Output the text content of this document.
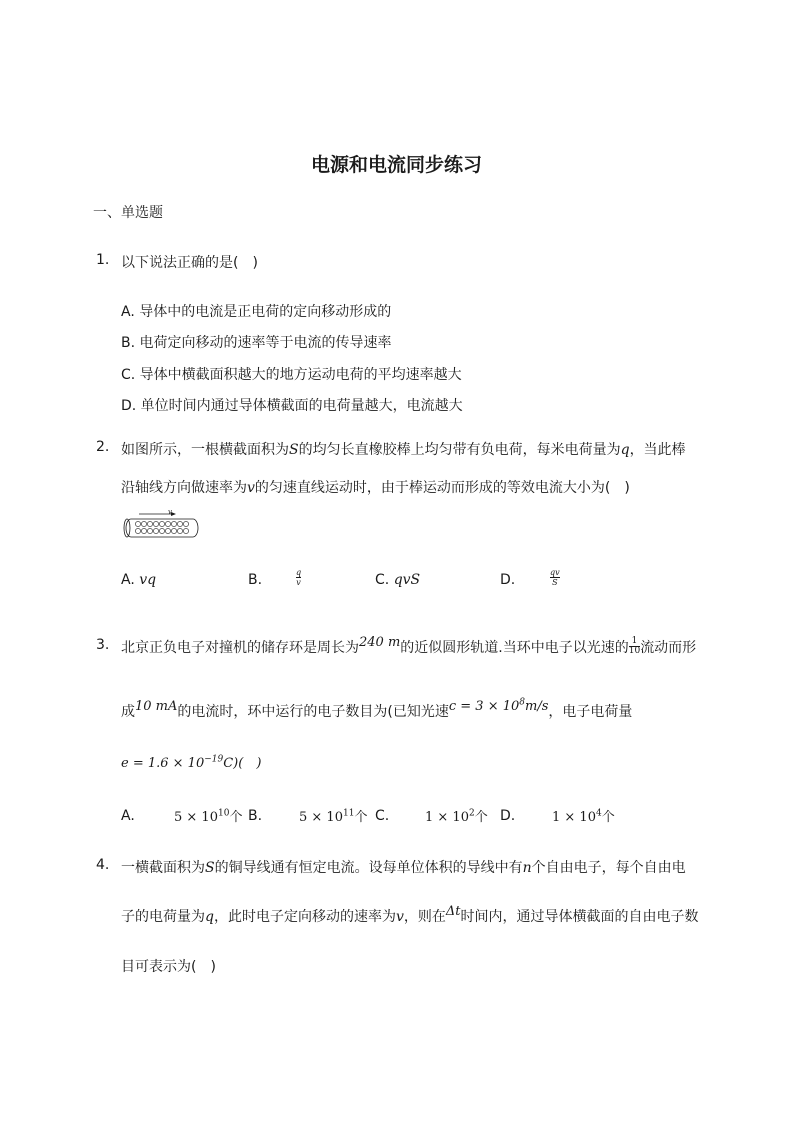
电源和电流同步练习
一、单选题
1. 以下说法正确的是(　)
A. 导体中的电流是正电荷的定向移动形成的
B. 电荷定向移动的速率等于电流的传导速率
C. 导体中横截面积越大的地方运动电荷的平均速率越大
D. 单位时间内通过导体横截面的电荷量越大，电流越大
2. 如图所示，一根横截面积为S的均匀长直橡胶棒上均匀带有负电荷，每米电荷量为q，当此棒
沿轴线方向做速率为v的匀速直线运动时，由于棒运动而形成的等效电流大小为(　)
v
A. vq	B.	$\frac{q}{v}$	C. qvS	D.	$\frac{qv}{S}$
3. 北京正负电子对撞机的储存环是周长为240 m的近似圆形轨道.当环中电子以光速的 $\frac{1}{10}$ 流动而形
成10 mA的电流时，环中运行的电子数目为(已知光速$c = 3 \times 10^8m/s$，电子电荷量
$e = 1.6 \times 10^{-19}C$)(　)
A.	$5 \times 10^{10}$个 B.	$5 \times 10^{11}$个 C.	$1 \times 10^2$个 D.	$1 \times 10^4$个
4. 一横截面积为S的铜导线通有恒定电流。设每单位体积的导线中有n个自由电子，每个自由电
子的电荷量为q，此时电子定向移动的速率为v，则在Δt时间内，通过导体横截面的自由电子数
目可表示为(　)
